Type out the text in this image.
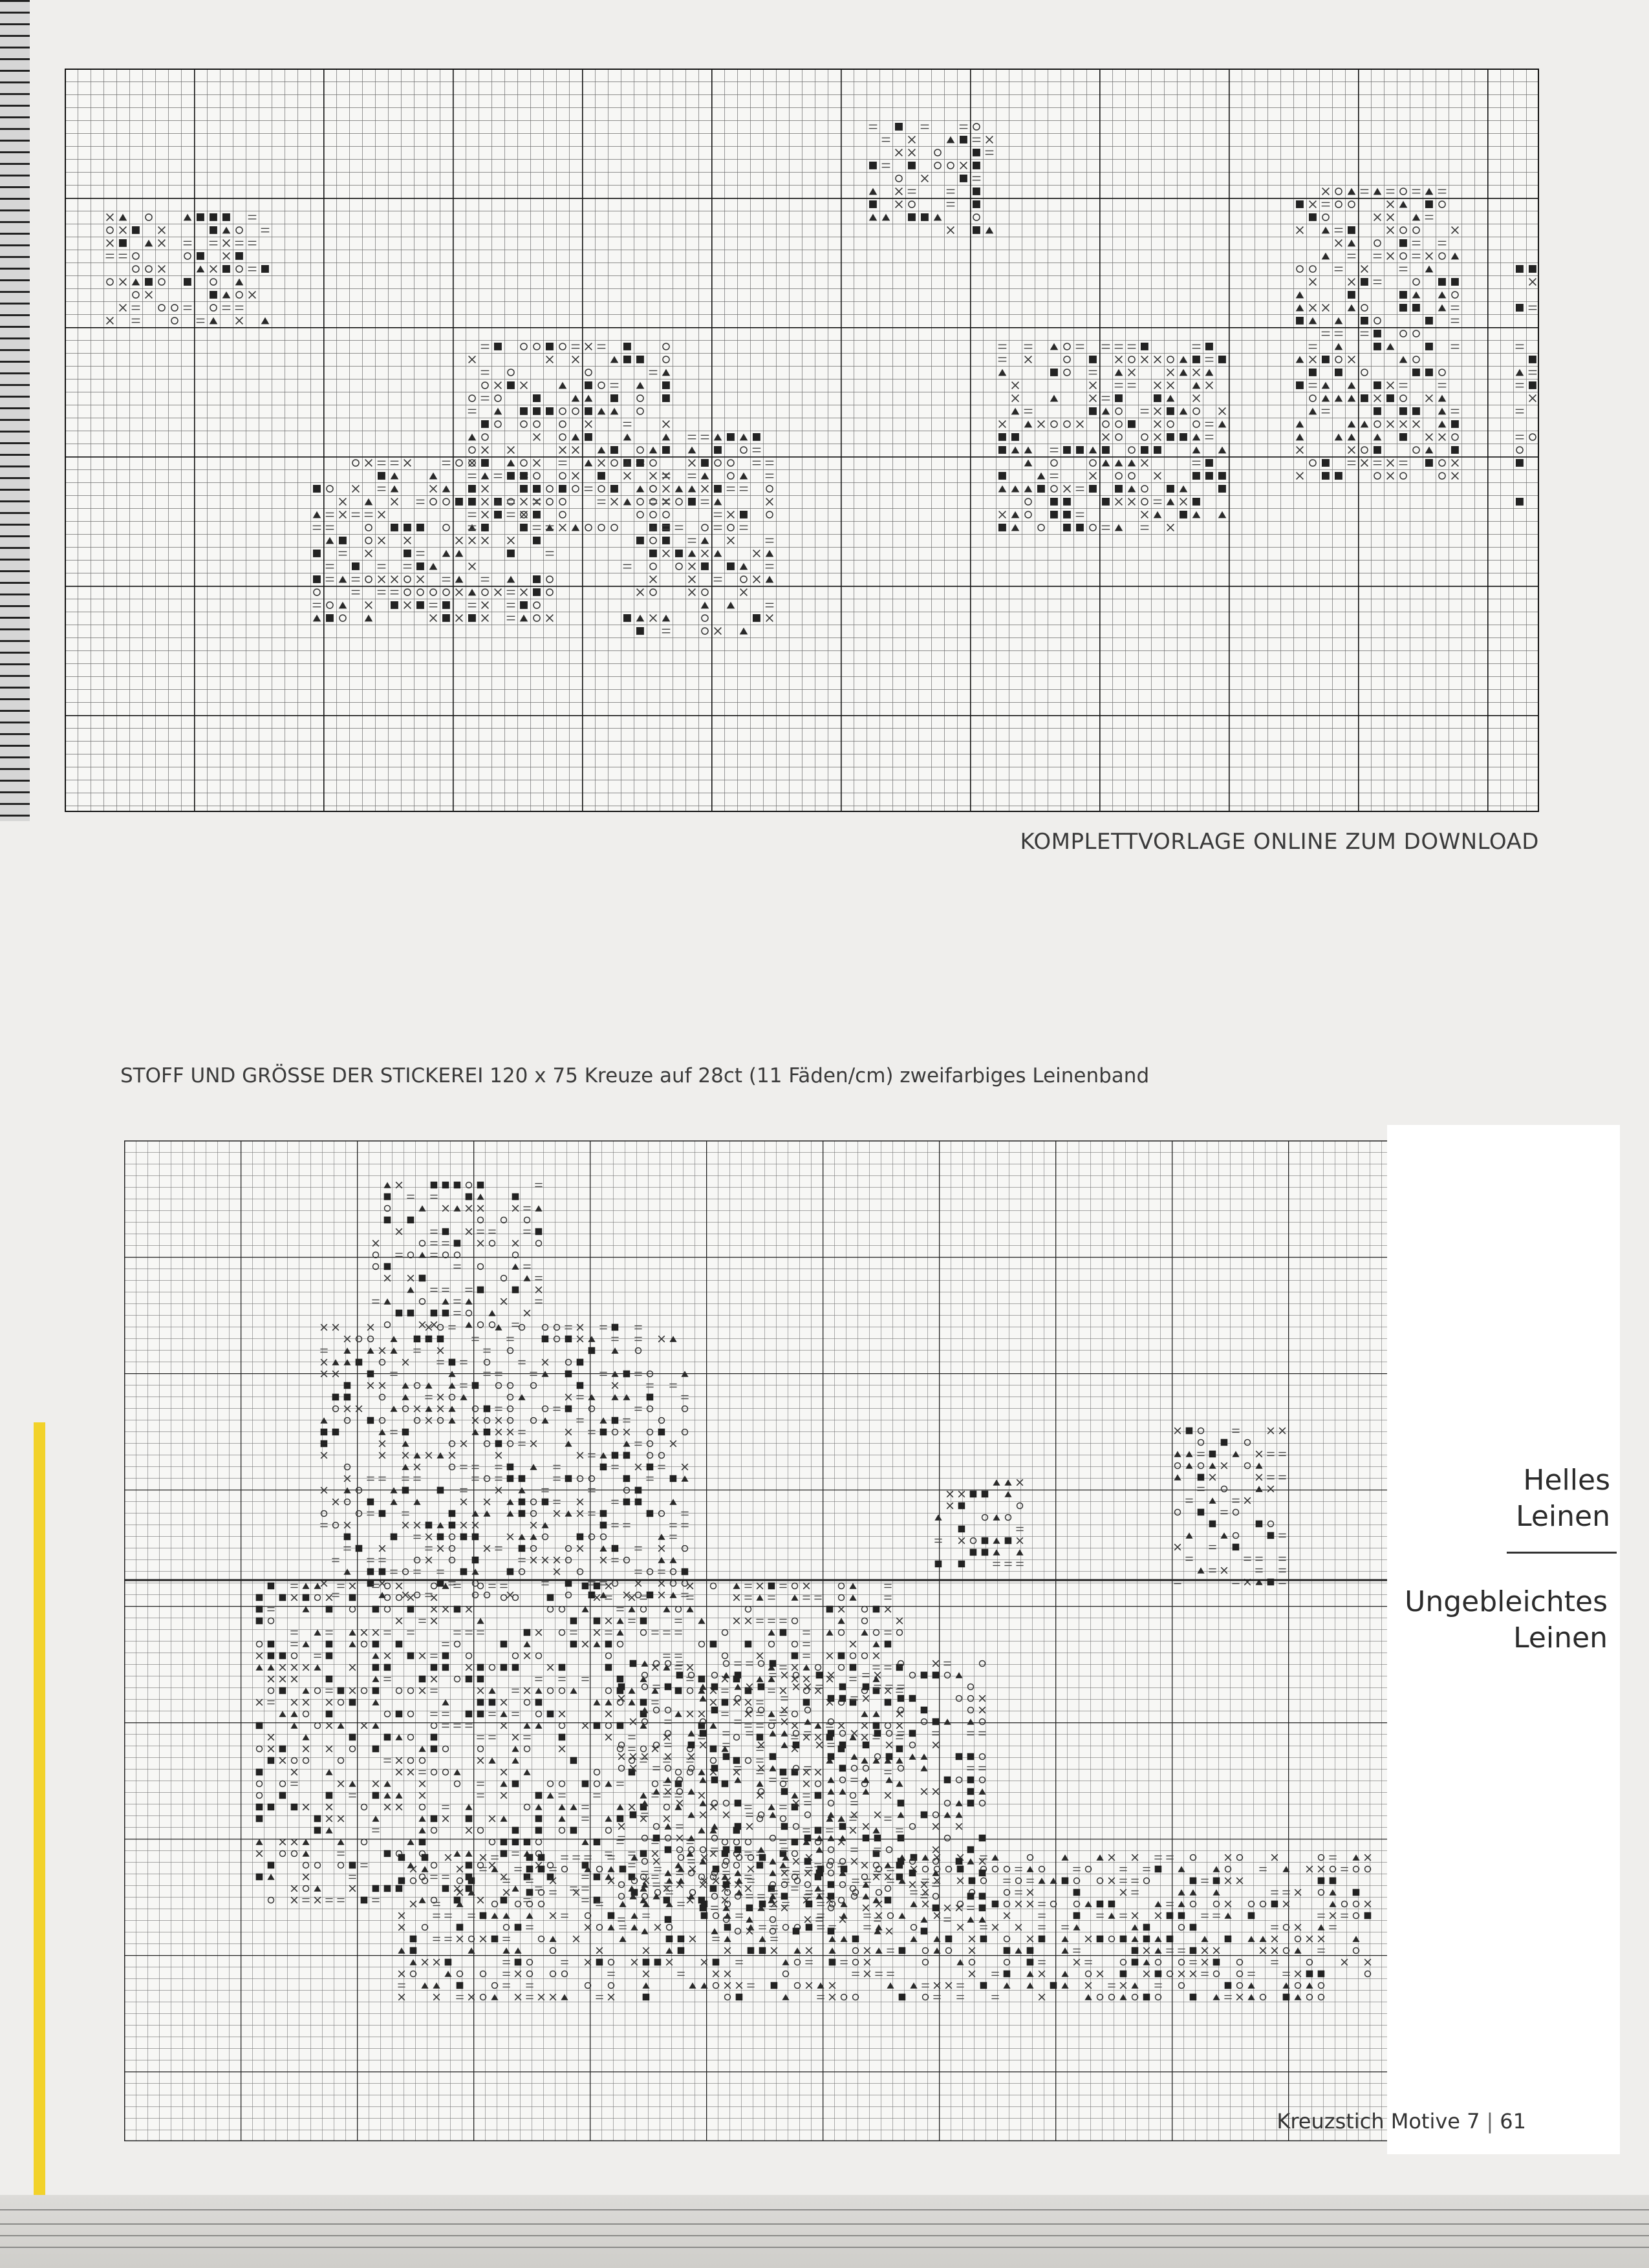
KOMPLETTVORLAGE ONLINE ZUM DOWNLOAD
STOFF UND GRÖSSE DER STICKEREI 120 x 75 Kreuze auf 28ct (11 Fäden/cm) zweifarbiges Leinenband
Helles
Leinen
Ungebleichtes
Leinen
Kreuzstich Motive 7 | 61
